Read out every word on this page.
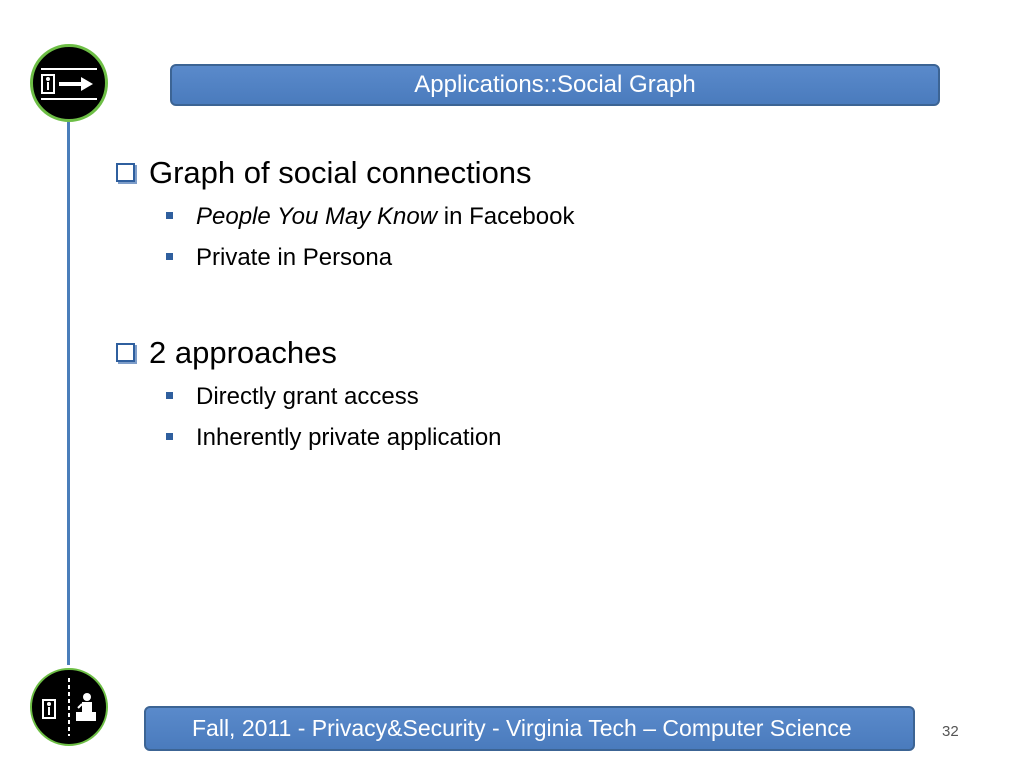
Applications::Social Graph
Graph of social connections
People You May Know in Facebook
Private in Persona
2 approaches
Directly grant access
Inherently private application
Fall, 2011 - Privacy&Security - Virginia Tech – Computer Science	32
